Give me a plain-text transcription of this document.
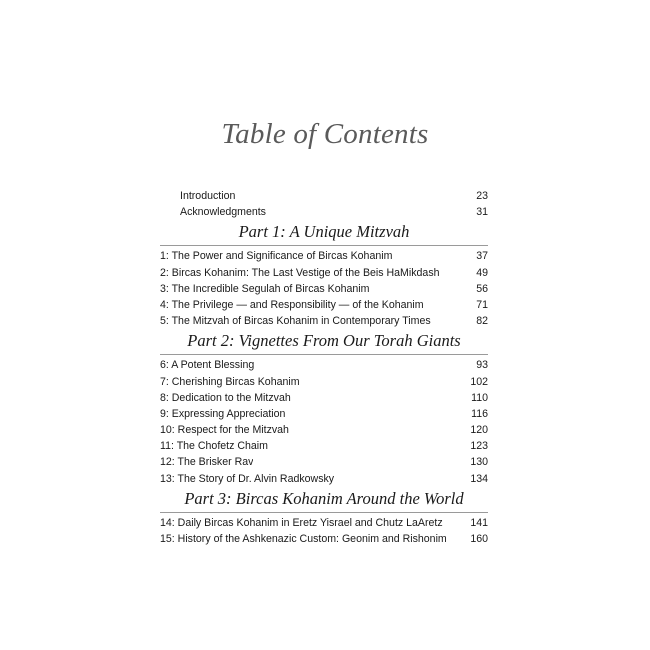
Table of Contents
Introduction	23
Acknowledgments	31
Part 1: A Unique Mitzvah
1: The Power and Significance of Bircas Kohanim	37
2: Bircas Kohanim: The Last Vestige of the Beis HaMikdash	49
3: The Incredible Segulah of Bircas Kohanim	56
4: The Privilege — and Responsibility — of the Kohanim	71
5: The Mitzvah of Bircas Kohanim in Contemporary Times	82
Part 2: Vignettes From Our Torah Giants
6: A Potent Blessing	93
7: Cherishing Bircas Kohanim	102
8: Dedication to the Mitzvah	110
9: Expressing Appreciation	116
10: Respect for the Mitzvah	120
11: The Chofetz Chaim	123
12: The Brisker Rav	130
13: The Story of Dr. Alvin Radkowsky	134
Part 3: Bircas Kohanim Around the World
14: Daily Bircas Kohanim in Eretz Yisrael and Chutz LaAretz	141
15: History of the Ashkenazic Custom: Geonim and Rishonim	160
